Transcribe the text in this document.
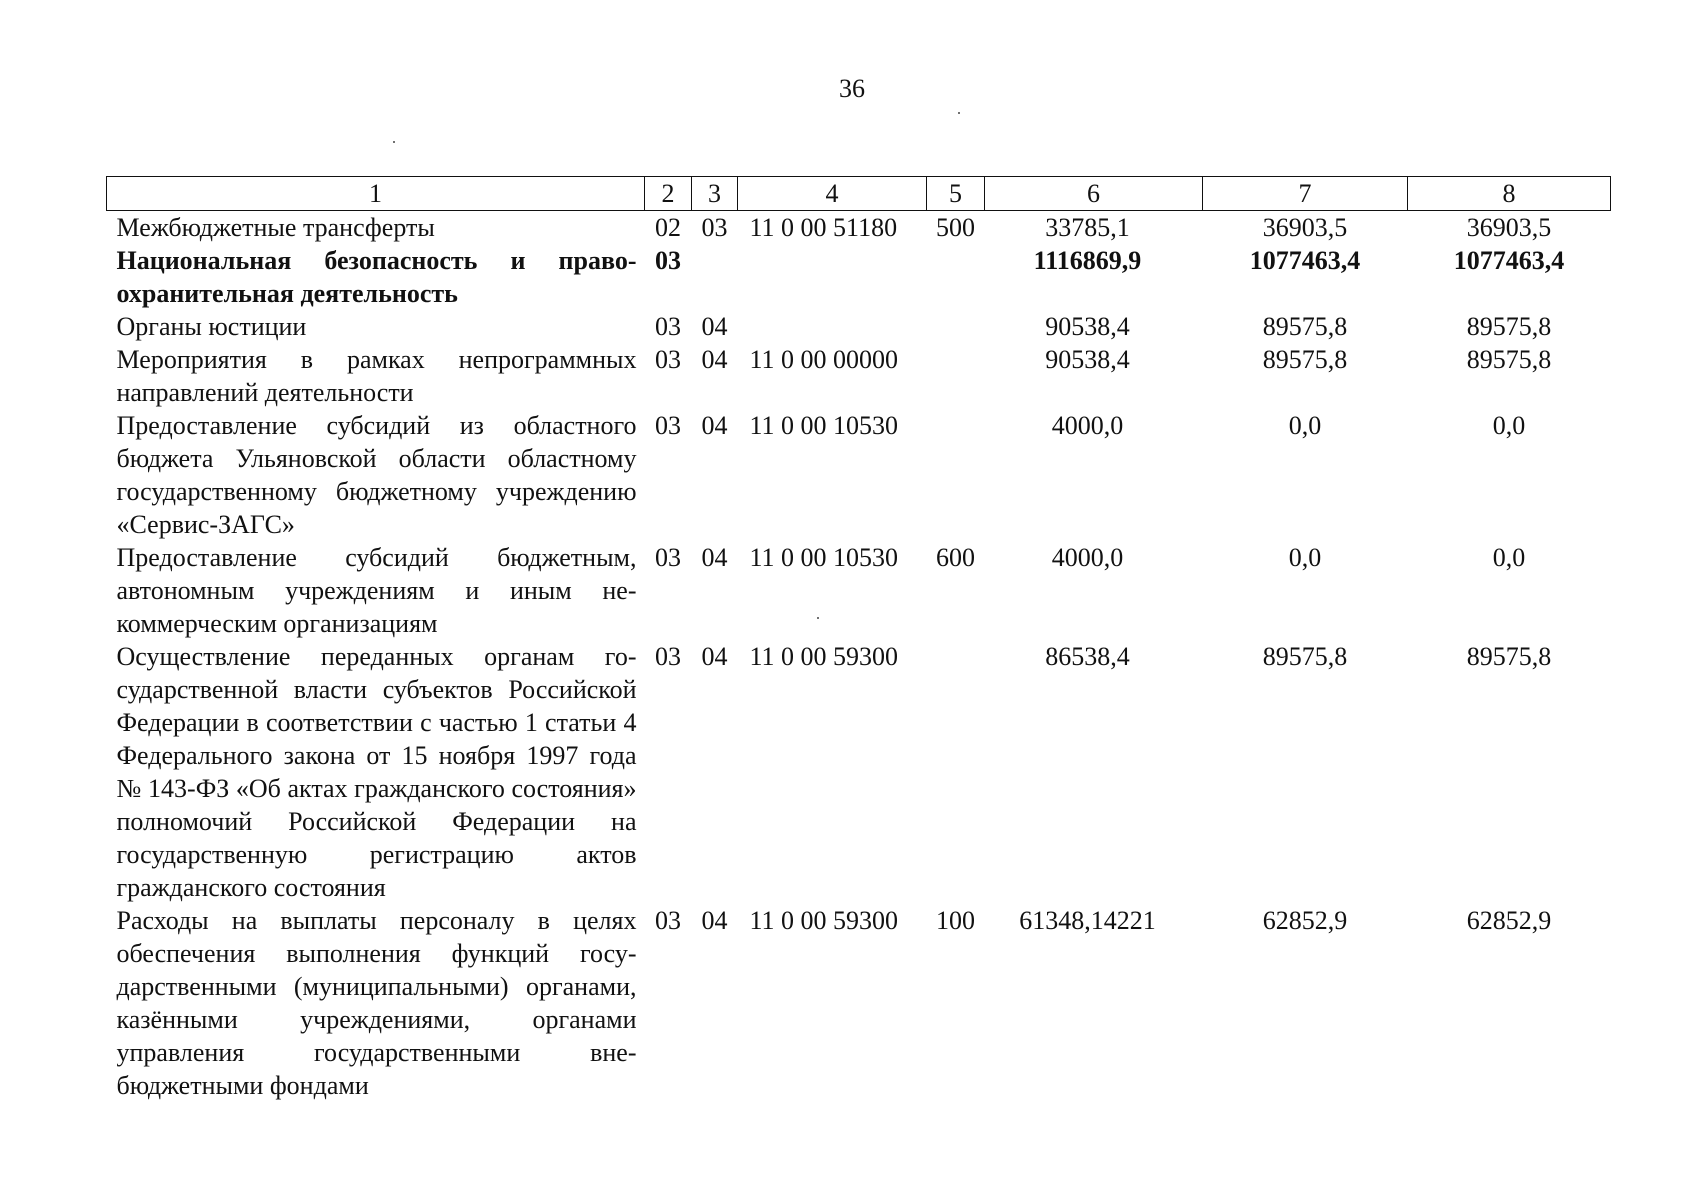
36
1	2	3	4	5	6	7	8
Межбюджетные трансферты	02	03	11 0 00 51180	500	33785,1	36903,5	36903,5
Национальная безопасность и правоохранительная деятельность	03				1116869,9	1077463,4	1077463,4
Органы юстиции	03	04			90538,4	89575,8	89575,8
Мероприятия в рамках непрограммных направлений деятельности	03	04	11 0 00 00000		90538,4	89575,8	89575,8
Предоставление субсидий из областного бюджета Ульяновской области областному государственному бюджетному учреждению «Сервис-ЗАГС»	03	04	11 0 00 10530		4000,0	0,0	0,0
Предоставление субсидий бюджетным, автономным учреждениям и иным некоммерческим организациям	03	04	11 0 00 10530	600	4000,0	0,0	0,0
Осуществление переданных органам государственной власти субъектов Российской Федерации в соответствии с частью 1 статьи 4 Федерального закона от 15 ноября 1997 года № 143-ФЗ «Об актах гражданского состояния» полномочий Российской Федерации на государственную регистрацию актов гражданского состояния	03	04	11 0 00 59300		86538,4	89575,8	89575,8
Расходы на выплаты персоналу в целях обеспечения выполнения функций государственными (муниципальными) органами, казёнными учреждениями, органами управления государственными внебюджетными фондами	03	04	11 0 00 59300	100	61348,14221	62852,9	62852,9
